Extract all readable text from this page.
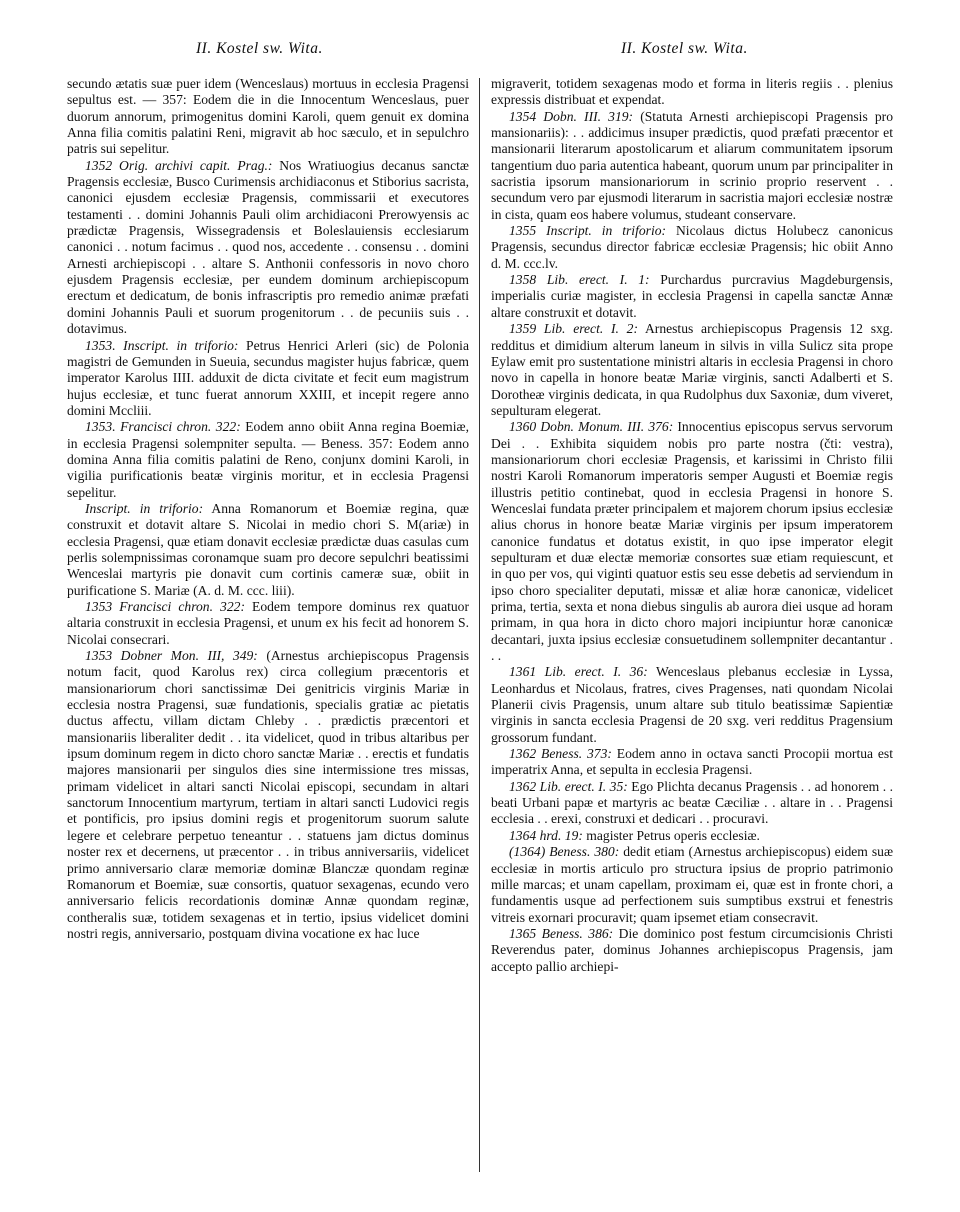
II. Kostel sw. Wita.	II. Kostel sw. Wita.

secundo ætatis suæ puer idem (Wenceslaus) mortuus in ecclesia Pragensi sepultus est. — 357: Eodem die in die Innocentum Wenceslaus, puer duorum annorum, primogenitus domini Karoli, quem genuit ex domina Anna filia comitis palatini Reni, migravit ab hoc sæculo, et in sepulchro patris sui sepelitur.

1352 Orig. archivi capit. Prag.: Nos Wratiuogius decanus sanctæ Pragensis ecclesiæ, Busco Curimensis archidiaconus et Stiborius sacrista, canonici ejusdem ecclesiæ Pragensis, commissarii et executores testamenti . . domini Johannis Pauli olim archidiaconi Prerowyensis ac prædictæ Pragensis, Wissegradensis et Boleslauiensis ecclesiarum canonici . . notum facimus . . quod nos, accedente . . consensu . . domini Arnesti archiepiscopi . . altare S. Anthonii confessoris in novo choro ejusdem Pragensis ecclesiæ, per eundem dominum archiepiscopum erectum et dedicatum, de bonis infrascriptis pro remedio animæ præfati domini Johannis Pauli et suorum progenitorum . . de pecuniis suis . . dotavimus.

1353. Inscript. in triforio: Petrus Henrici Arleri (sic) de Polonia magistri de Gemunden in Sueuia, secundus magister hujus fabricæ, quem imperator Karolus IIII. adduxit de dicta civitate et fecit eum magistrum hujus ecclesiæ, et tunc fuerat annorum XXIII, et incepit regere anno domini Mccliii.

1353. Francisci chron. 322: Eodem anno obiit Anna regina Boemiæ, in ecclesia Pragensi solempniter sepulta. — Beness. 357: Eodem anno domina Anna filia comitis palatini de Reno, conjunx domini Karoli, in vigilia purificationis beatæ virginis moritur, et in ecclesia Pragensi sepelitur.

Inscript. in triforio: Anna Romanorum et Boemiæ regina, quæ construxit et dotavit altare S. Nicolai in medio chori S. M(ariæ) in ecclesia Pragensi, quæ etiam donavit ecclesiæ prædictæ duas casulas cum perlis solempnissimas coronamque suam pro decore sepulchri beatissimi Wenceslai martyris pie donavit cum cortinis cameræ suæ, obiit in purificatione S. Mariæ (A. d. M. ccc. liii).

1353 Francisci chron. 322: Eodem tempore dominus rex quatuor altaria construxit in ecclesia Pragensi, et unum ex his fecit ad honorem S. Nicolai consecrari.

1353 Dobner Mon. III, 349: (Arnestus archiepiscopus Pragensis notum facit, quod Karolus rex) circa collegium præcentoris et mansionariorum chori sanctissimæ Dei genitricis virginis Mariæ in ecclesia nostra Pragensi, suæ fundationis, specialis gratiæ ac pietatis ductus affectu, villam dictam Chleby . . prædictis præcentori et mansionariis liberaliter dedit . . ita videlicet, quod in tribus altaribus per ipsum dominum regem in dicto choro sanctæ Mariæ . . erectis et fundatis majores mansionarii per singulos dies sine intermissione tres missas, primam videlicet in altari sancti Nicolai episcopi, secundam in altari sanctorum Innocentium martyrum, tertiam in altari sancti Ludovici regis et pontificis, pro ipsius domini regis et progenitorum suorum salute legere et celebrare perpetuo teneantur . . statuens jam dictus dominus noster rex et decernens, ut præcentor . . in tribus anniversariis, videlicet primo anniversario claræ memoriæ dominæ Blanczæ quondam reginæ Romanorum et Boemiæ, suæ consortis, quatuor sexagenas, ecundo vero anniversario felicis recordationis dominæ Annæ quondam reginæ, contheralis suæ, totidem sexagenas et in tertio, ipsius videlicet domini nostri regis, anniversario, postquam divina vocatione ex hac luce

migraverit, totidem sexagenas modo et forma in literis regiis . . plenius expressis distribuat et expendat.

1354 Dobn. III. 319: (Statuta Arnesti archiepiscopi Pragensis pro mansionariis): . . addicimus insuper prædictis, quod præfati præcentor et mansionarii literarum apostolicarum et aliarum communitatem ipsorum tangentium duo paria autentica habeant, quorum unum par principaliter in sacristia ipsorum mansionariorum in scrinio proprio reservent . . secundum vero par ejusmodi literarum in sacristia majori ecclesiæ nostræ in cista, quam eos habere volumus, studeant conservare.

1355 Inscript. in triforio: Nicolaus dictus Holubecz canonicus Pragensis, secundus director fabricæ ecclesiæ Pragensis; hic obiit Anno d. M. ccc.lv.

1358 Lib. erect. I. 1: Purchardus purcravius Magdeburgensis, imperialis curiæ magister, in ecclesia Pragensi in capella sanctæ Annæ altare construxit et dotavit.

1359 Lib. erect. I. 2: Arnestus archiepiscopus Pragensis 12 sxg. redditus et dimidium alterum laneum in silvis in villa Sulicz sita prope Eylaw emit pro sustentatione ministri altaris in ecclesia Pragensi in choro novo in capella in honore beatæ Mariæ virginis, sancti Adalberti et S. Dorotheæ virginis dedicata, in qua Rudolphus dux Saxoniæ, dum viveret, sepulturam elegerat.

1360 Dobn. Monum. III. 376: Innocentius episcopus servus servorum Dei . . Exhibita siquidem nobis pro parte nostra (čti: vestra), mansionariorum chori ecclesiæ Pragensis, et karissimi in Christo filii nostri Karoli Romanorum imperatoris semper Augusti et Boemiæ regis illustris petitio continebat, quod in ecclesia Pragensi in honore S. Wenceslai fundata præter principalem et majorem chorum ipsius ecclesiæ alius chorus in honore beatæ Mariæ virginis per ipsum imperatorem canonice fundatus et dotatus existit, in quo ipse imperator elegit sepulturam et duæ electæ memoriæ consortes suæ etiam requiescunt, et in quo per vos, qui viginti quatuor estis seu esse debetis ad serviendum in ipso choro specialiter deputati, missæ et aliæ horæ canonicæ, videlicet prima, tertia, sexta et nona diebus singulis ab aurora diei usque ad horam primam, in qua hora in dicto choro majori incipiuntur horæ canonicæ decantari, juxta ipsius ecclesiæ consuetudinem sollempniter decantantur . . .

1361 Lib. erect. I. 36: Wenceslaus plebanus ecclesiæ in Lyssa, Leonhardus et Nicolaus, fratres, cives Pragenses, nati quondam Nicolai Planerii civis Pragensis, unum altare sub titulo beatissimæ Sapientiæ virginis in sancta ecclesia Pragensi de 20 sxg. veri redditus Pragensium grossorum fundant.

1362 Beness. 373: Eodem anno in octava sancti Procopii mortua est imperatrix Anna, et sepulta in ecclesia Pragensi.

1362 Lib. erect. I. 35: Ego Plichta decanus Pragensis . . ad honorem . . beati Urbani papæ et martyris ac beatæ Cæciliæ . . altare in . . Pragensi ecclesia . . erexi, construxi et dedicari . . procuravi.

1364 hrd. 19: magister Petrus operis ecclesiæ.

(1364) Beness. 380: dedit etiam (Arnestus archiepiscopus) eidem suæ ecclesiæ in mortis articulo pro structura ipsius de proprio patrimonio mille marcas; et unam capellam, proximam ei, quæ est in fronte chori, a fundamentis usque ad perfectionem suis sumptibus exstrui et fenestris vitreis exornari procuravit; quam ipsemet etiam consecravit.

1365 Beness. 386: Die dominico post festum circumcisionis Christi Reverendus pater, dominus Johannes archiepiscopus Pragensis, jam accepto pallio archiepi-
